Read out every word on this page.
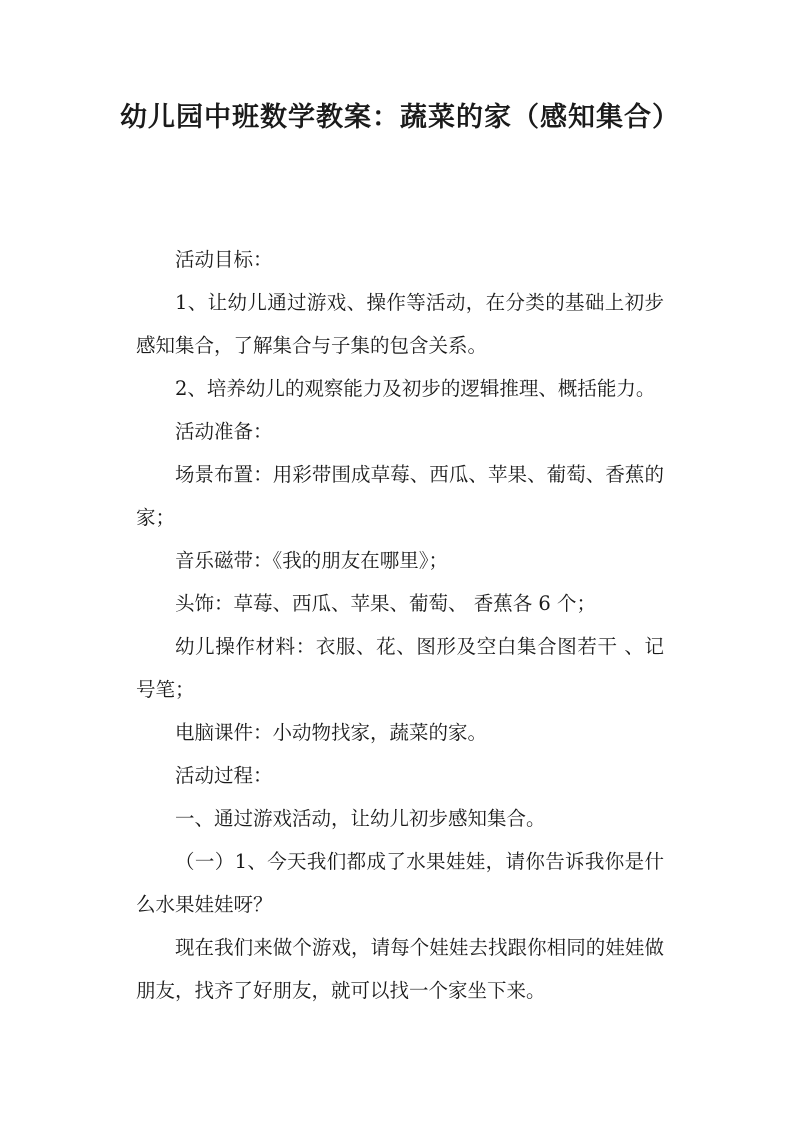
幼儿园中班数学教案：蔬菜的家（感知集合）

活动目标：

1、让幼儿通过游戏、操作等活动，在分类的基础上初步感知集合，了解集合与子集的包含关系。

2、培养幼儿的观察能力及初步的逻辑推理、概括能力。

活动准备：

场景布置：用彩带围成草莓、西瓜、苹果、葡萄、香蕉的家；

音乐磁带：《我的朋友在哪里》；

头饰：草莓、西瓜、苹果、葡萄、 香蕉各 6 个；

幼儿操作材料：衣服、花、图形及空白集合图若干 、记号笔；

电脑课件：小动物找家，蔬菜的家。

活动过程：

一、通过游戏活动，让幼儿初步感知集合。

（一）1、今天我们都成了水果娃娃，请你告诉我你是什么水果娃娃呀？

现在我们来做个游戏，请每个娃娃去找跟你相同的娃娃做朋友，找齐了好朋友，就可以找一个家坐下来。
